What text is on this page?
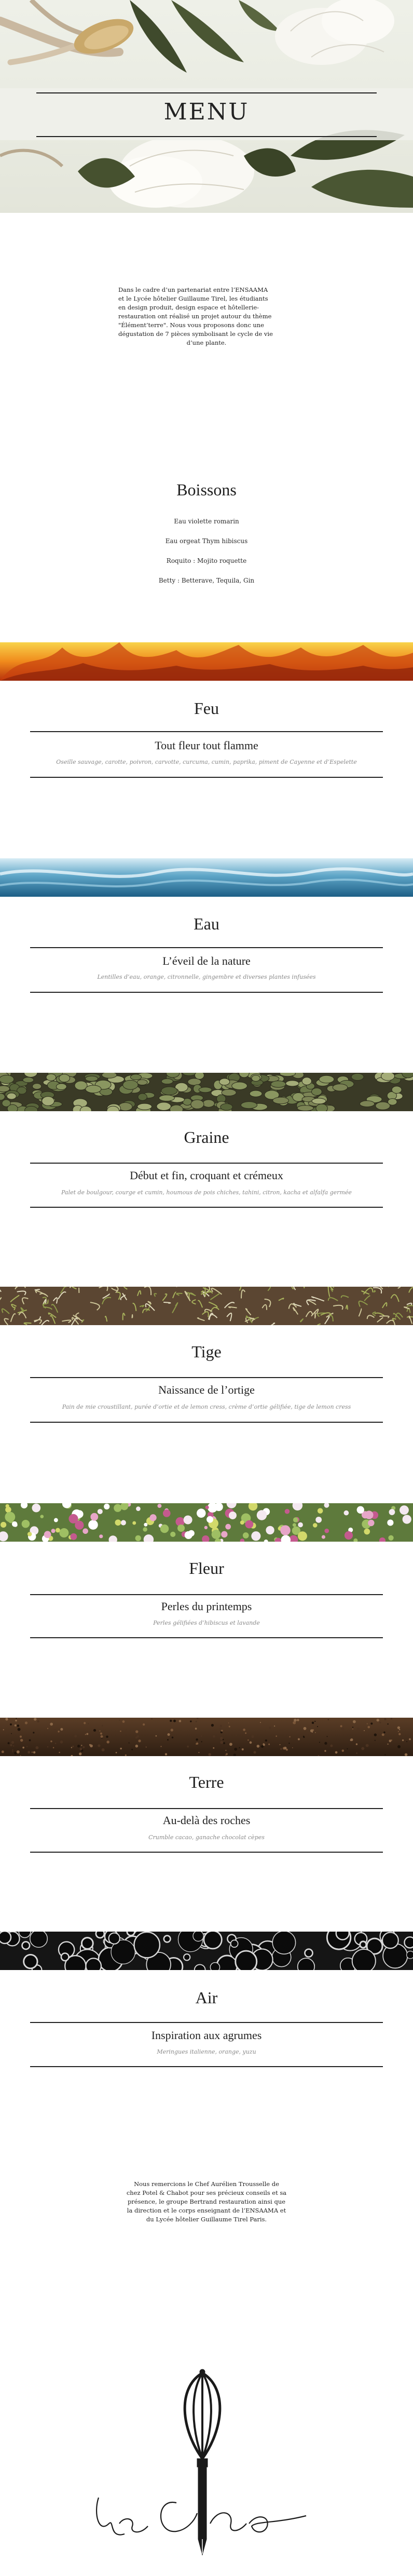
MENU
Dans le cadre d’un partenariat entre l’ENSAAMA
et le Lycée hôtelier Guillaume Tirel, les étudiants
en design produit, design espace et hôtellerie-
restauration ont réalisé un projet autour du thème
"Élément’terre". Nous vous proposons donc une
dégustation de 7 pièces symbolisant le cycle de vie
d’une plante.
Boissons
Eau violette romarin
Eau orgeat Thym hibiscus
Roquito : Mojito roquette
Betty : Betterave, Tequila, Gin
Feu
Tout fleur tout flamme
Oseille sauvage, carotte, poivron, carvotte, curcuma, cumin, paprika, piment de Cayenne et d’Espelette
Eau
L’éveil de la nature
Lentilles d’eau, orange, citronnelle, gingembre et diverses plantes infusées
Graine
Début et fin, croquant et crémeux
Palet de boulgour, courge et cumin, houmous de pois chiches, tahini, citron, kacha et alfalfa germée
Tige
Naissance de l’ortige
Pain de mie croustillant, purée d’ortie et de lemon cress, crème d’ortie gélifiée, tige de lemon cress
Fleur
Perles du printemps
Perles gélifiées d’hibiscus et lavande
Terre
Au-delà des roches
Crumble cacao, ganache chocolat cèpes
Air
Inspiration aux agrumes
Meringues italienne, orange, yuzu
Nous remercions le Chef Aurélien Trousselle de
chez Potel & Chabot pour ses précieux conseils et sa
présence, le groupe Bertrand restauration ainsi que
la direction et le corps enseignant de l’ENSAAMA et
du Lycée hôtelier Guillaume Tirel Paris.
